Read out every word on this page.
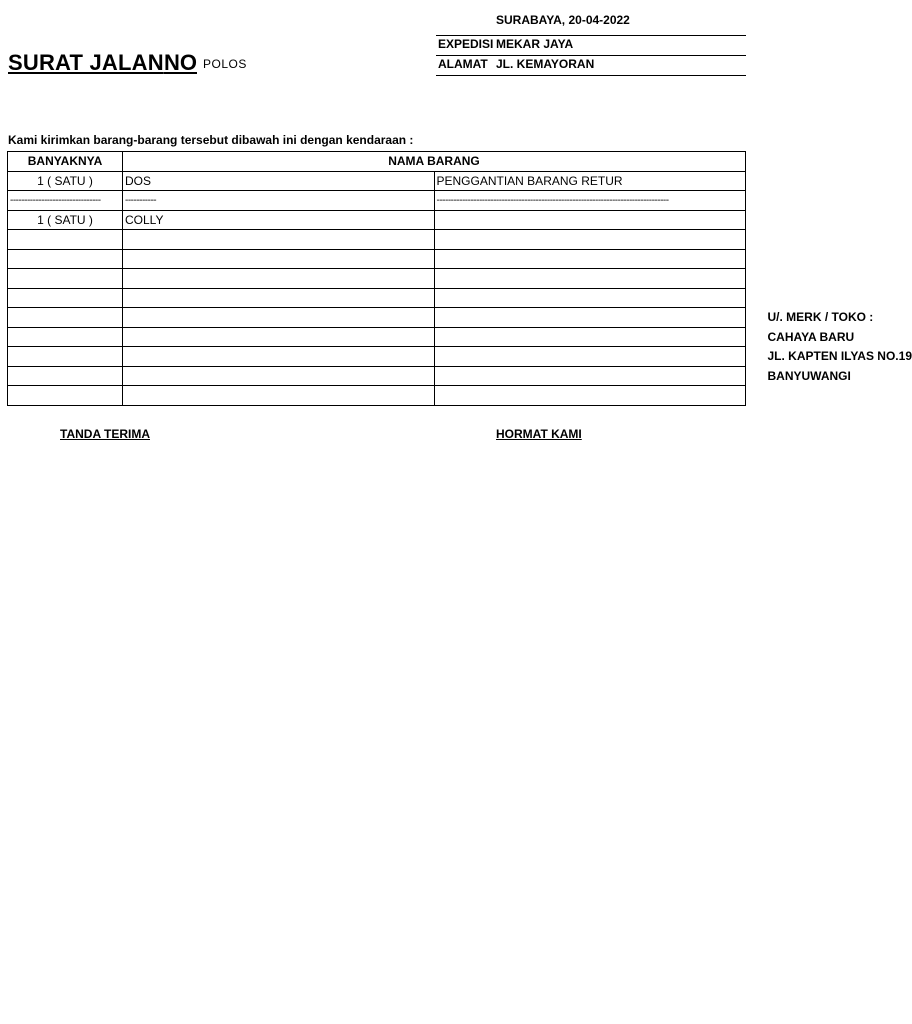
SURABAYA, 20-04-2022
EXPEDISI MEKAR JAYA
ALAMAT JL. KEMAYORAN
SURAT JALAN NO POLOS
Kami kirimkan barang-barang tersebut dibawah ini dengan kendaraan :
BANYAKNYA	NAMA BARANG	
1 ( SATU )	DOS	PENGGANTIAN BARANG RETUR

--------------------------------	-----------	----------------------------------------------------------------------------------

1 ( SATU )	COLLY	

		U/. MERK / TOKO :

		CAHAYA BARU

		JL. KAPTEN ILYAS NO.19

		BANYUWANGI

TANDA TERIMA	HORMAT KAMI
